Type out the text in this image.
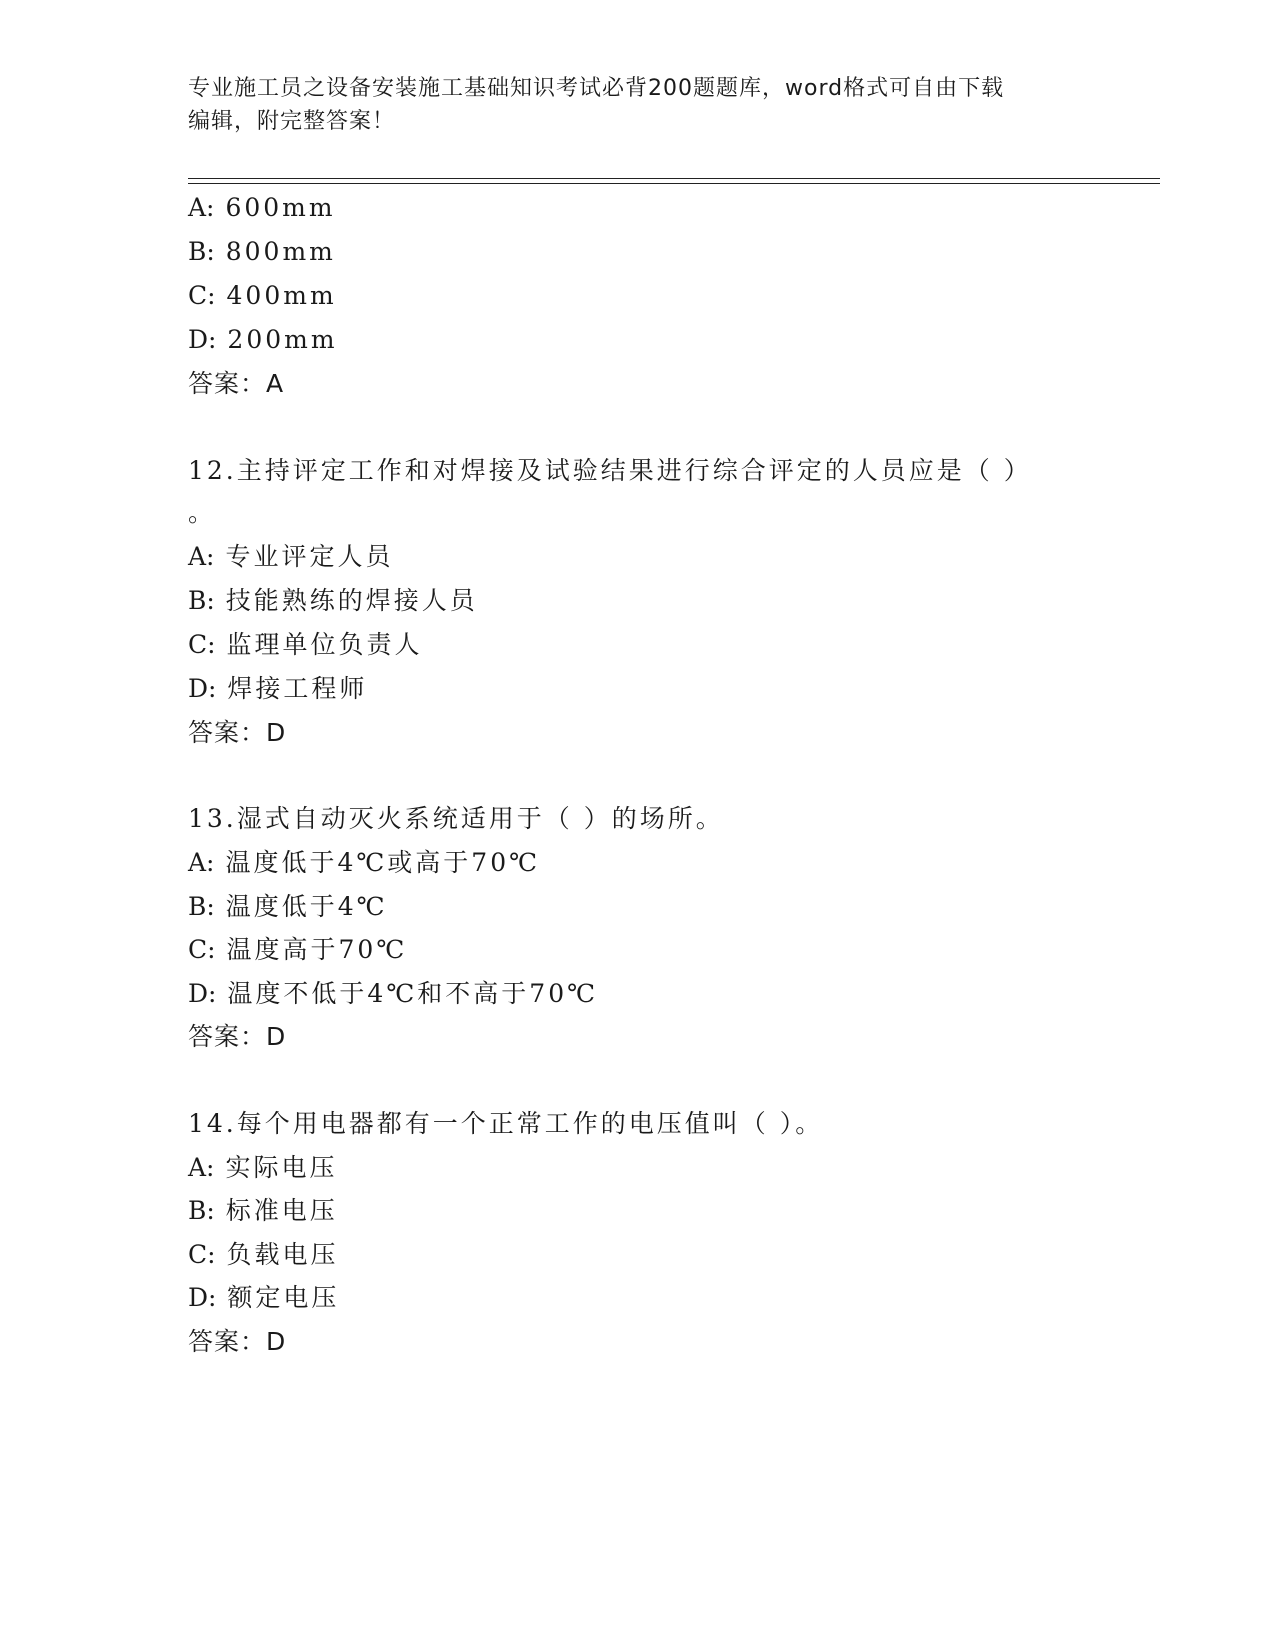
专业施工员之设备安装施工基础知识考试必背200题题库，word格式可自由下载
编辑，附完整答案！
A: 600mm
B: 800mm
C: 400mm
D: 200mm
答案：A
12.主持评定工作和对焊接及试验结果进行综合评定的人员应是（ ）
。
A: 专业评定人员
B: 技能熟练的焊接人员
C: 监理单位负责人
D: 焊接工程师
答案：D
13.湿式自动灭火系统适用于（ ）的场所。
A: 温度低于4℃或高于70℃
B: 温度低于4℃
C: 温度高于70℃
D: 温度不低于4℃和不高于70℃
答案：D
14.每个用电器都有一个正常工作的电压值叫（ ）。
A: 实际电压
B: 标准电压
C: 负载电压
D: 额定电压
答案：D
